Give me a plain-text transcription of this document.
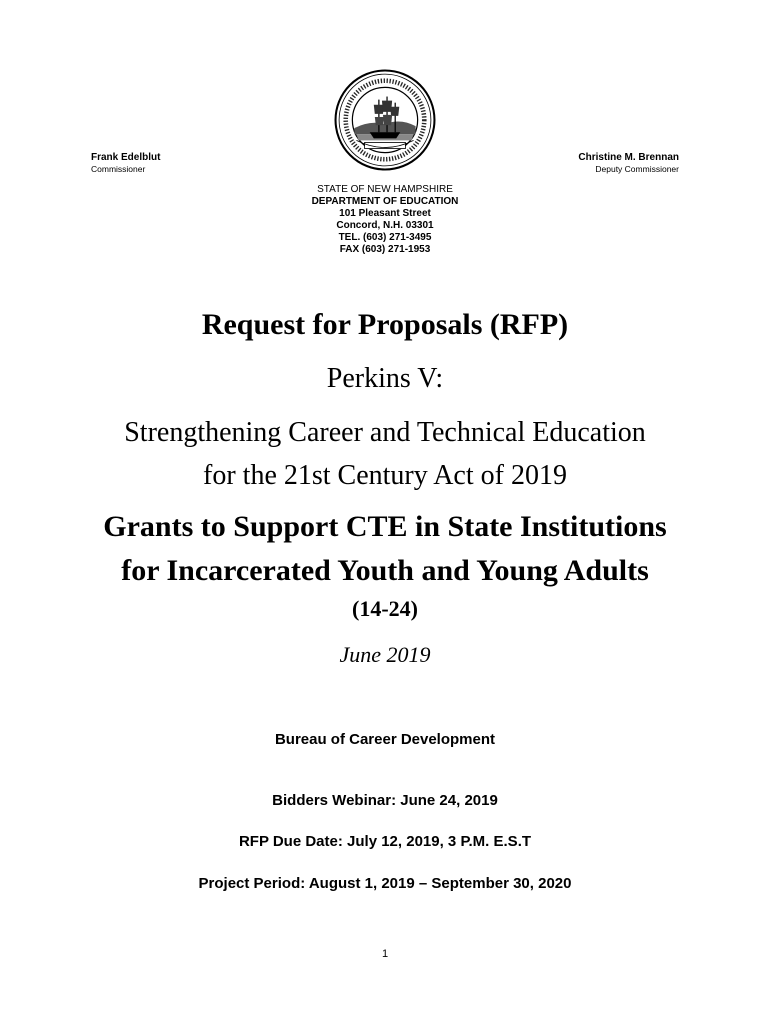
Frank Edelblut
Commissioner
Christine M. Brennan
Deputy Commissioner
STATE OF NEW HAMPSHIRE
DEPARTMENT OF EDUCATION
101 Pleasant Street
Concord, N.H. 03301
TEL. (603) 271-3495
FAX (603) 271-1953
Request for Proposals (RFP)
Perkins V:
Strengthening Career and Technical Education
for the 21st Century Act of 2019
Grants to Support CTE in State Institutions
for Incarcerated Youth and Young Adults
(14-24)
June 2019
Bureau of Career Development
Bidders Webinar: June 24, 2019
RFP Due Date: July 12, 2019, 3 P.M. E.S.T
Project Period: August 1, 2019 – September 30, 2020
1
